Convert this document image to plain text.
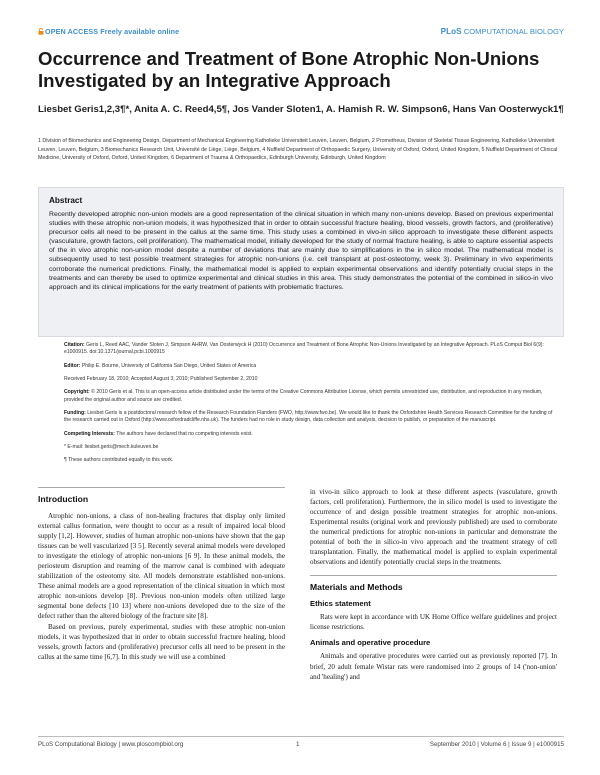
OPEN ACCESS Freely available online	PLoS COMPUTATIONAL BIOLOGY
Occurrence and Treatment of Bone Atrophic Non-Unions Investigated by an Integrative Approach
Liesbet Geris1,2,3¶*, Anita A. C. Reed4,5¶, Jos Vander Sloten1, A. Hamish R. W. Simpson6, Hans Van Oosterwyck1¶
1 Division of Biomechanics and Engineering Design, Department of Mechanical Engineering Katholieke Universiteit Leuven, Leuven, Belgium, 2 Prometheus, Division of Skeletal Tissue Engineering, Katholieke Universiteit Leuven, Leuven, Belgium, 3 Biomechanics Research Unit, Université de Liège, Liège, Belgium, 4 Nuffield Department of Orthopaedic Surgery, University of Oxford, Oxford, United Kingdom, 5 Nuffield Department of Clinical Medicine, University of Oxford, Oxford, United Kingdom, 6 Department of Trauma & Orthopaedics, Edinburgh University, Edinburgh, United Kingdom
Abstract
Recently developed atrophic non-union models are a good representation of the clinical situation in which many non-unions develop. Based on previous experimental studies with these atrophic non-union models, it was hypothesized that in order to obtain successful fracture healing, blood vessels, growth factors, and (proliferative) precursor cells all need to be present in the callus at the same time. This study uses a combined in vivo-in silico approach to investigate these different aspects (vasculature, growth factors, cell proliferation). The mathematical model, initially developed for the study of normal fracture healing, is able to capture essential aspects of the in vivo atrophic non-union model despite a number of deviations that are mainly due to simplifications in the in silico model. The mathematical model is subsequently used to test possible treatment strategies for atrophic non-unions (i.e. cell transplant at post-osteotomy, week 3). Preliminary in vivo experiments corroborate the numerical predictions. Finally, the mathematical model is applied to explain experimental observations and identify potentially crucial steps in the treatments and can thereby be used to optimize experimental and clinical studies in this area. This study demonstrates the potential of the combined in silico-in vivo approach and its clinical implications for the early treatment of patients with problematic fractures.

Citation: Geris L, Reed AAC, Vander Sloten J, Simpson AHRW, Van Oosterwyck H (2010) Occurrence and Treatment of Bone Atrophic Non-Unions Investigated by an Integrative Approach. PLoS Comput Biol 6(9): e1000915. doi:10.1371/journal.pcbi.1000915

Editor: Philip E. Bourne, University of California San Diego, United States of America

Received February 18, 2010; Accepted August 3, 2010; Published September 2, 2010

Copyright: © 2010 Geris et al. This is an open-access article distributed under the terms of the Creative Commons Attribution License, which permits unrestricted use, distribution, and reproduction in any medium, provided the original author and source are credited.

Funding: Liesbet Geris is a postdoctoral research fellow of the Research Foundation Flanders (FWO, http://www.fwo.be). We would like to thank the Oxfordshire Health Services Research Committee for the funding of the research carried out in Oxford (http://www.oxfordradcliffe.nhs.uk). The funders had no role in study design, data collection and analysis, decision to publish, or preparation of the manuscript.

Competing Interests: The authors have declared that no competing interests exist.

* E-mail: liesbet.geris@mech.kuleuven.be

¶ These authors contributed equally to this work.

Introduction

Atrophic non-unions, a class of non-healing fractures that display only limited external callus formation, were thought to occur as a result of impaired local blood supply [1,2]. However, studies of human atrophic non-unions have shown that the gap tissues can be well vascularized [3 5]. Recently several animal models were developed to investigate the etiology of atrophic non-unions [6 9]. In these animal models, the periosteum disruption and reaming of the marrow canal is combined with adequate stabilization of the osteotomy site. All models demonstrate established non-unions. These animal models are a good representation of the clinical situation in which most atrophic non-unions develop [8]. Previous non-union models often utilized large segmental bone defects [10 13] where non-unions developed due to the size of the defect rather than the altered biology of the fracture site [8].

Based on previous, purely experimental, studies with these atrophic non-union models, it was hypothesized that in order to obtain successful fracture healing, blood vessels, growth factors and (proliferative) precursor cells all need to be present in the callus at the same time [6,7]. In this study we will use a combined

in vivo-in silico approach to look at these different aspects (vasculature, growth factors, cell proliferation). Furthermore, the in silico model is used to investigate the occurrence of and design possible treatment strategies for atrophic non-unions. Experimental results (original work and previously published) are used to corroborate the numerical predictions for atrophic non-unions in particular and demonstrate the potential of both the in silico-in vivo approach and the treatment strategy of cell transplantation. Finally, the mathematical model is applied to explain experimental observations and identify potentially crucial steps in the treatments.

Materials and Methods
Ethics statement

Rats were kept in accordance with UK Home Office welfare guidelines and project license restrictions.

Animals and operative procedure

Animals and operative procedures were carried out as previously reported [7]. In brief, 20 adult female Wistar rats were randomised into 2 groups of 14 ('non-union' and 'healing') and

PLoS Computational Biology | www.ploscompbiol.org	1	September 2010 | Volume 6 | Issue 9 | e1000915
